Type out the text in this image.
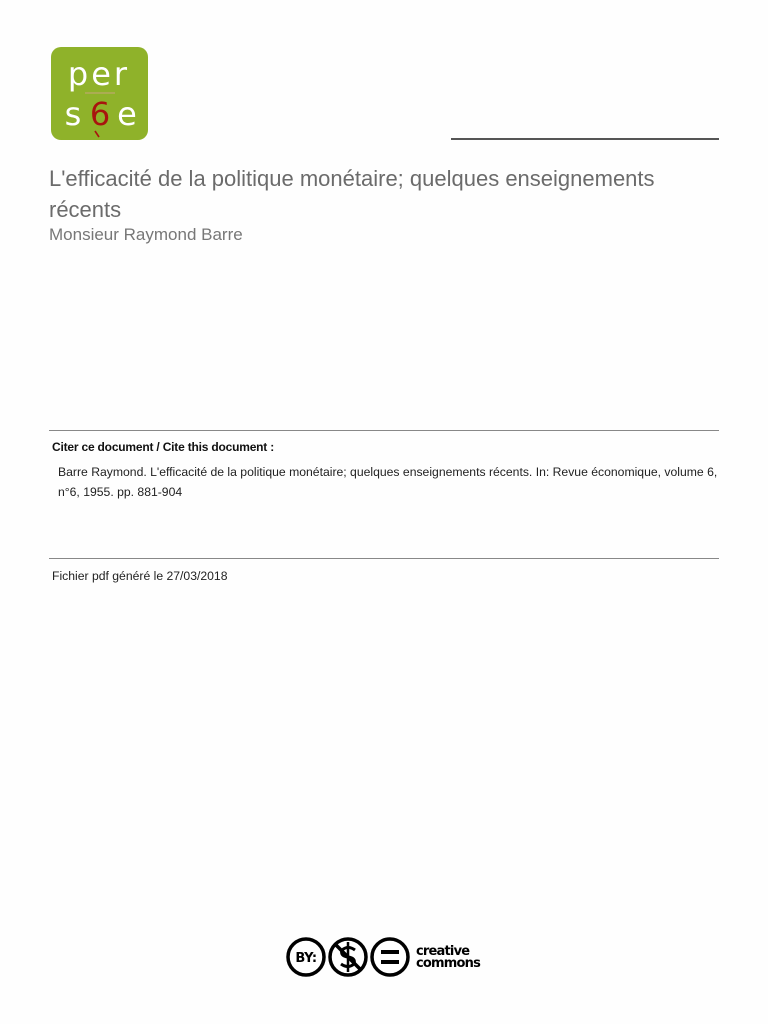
per
s 6 e
L'efficacité de la politique monétaire; quelques enseignements récents

Monsieur Raymond Barre

Citer ce document / Cite this document :

Barre Raymond. L'efficacité de la politique monétaire; quelques enseignements récents. In: Revue économique, volume 6, n°6, 1955. pp. 881-904

Fichier pdf généré le 27/03/2018
BY:	creative
commons
